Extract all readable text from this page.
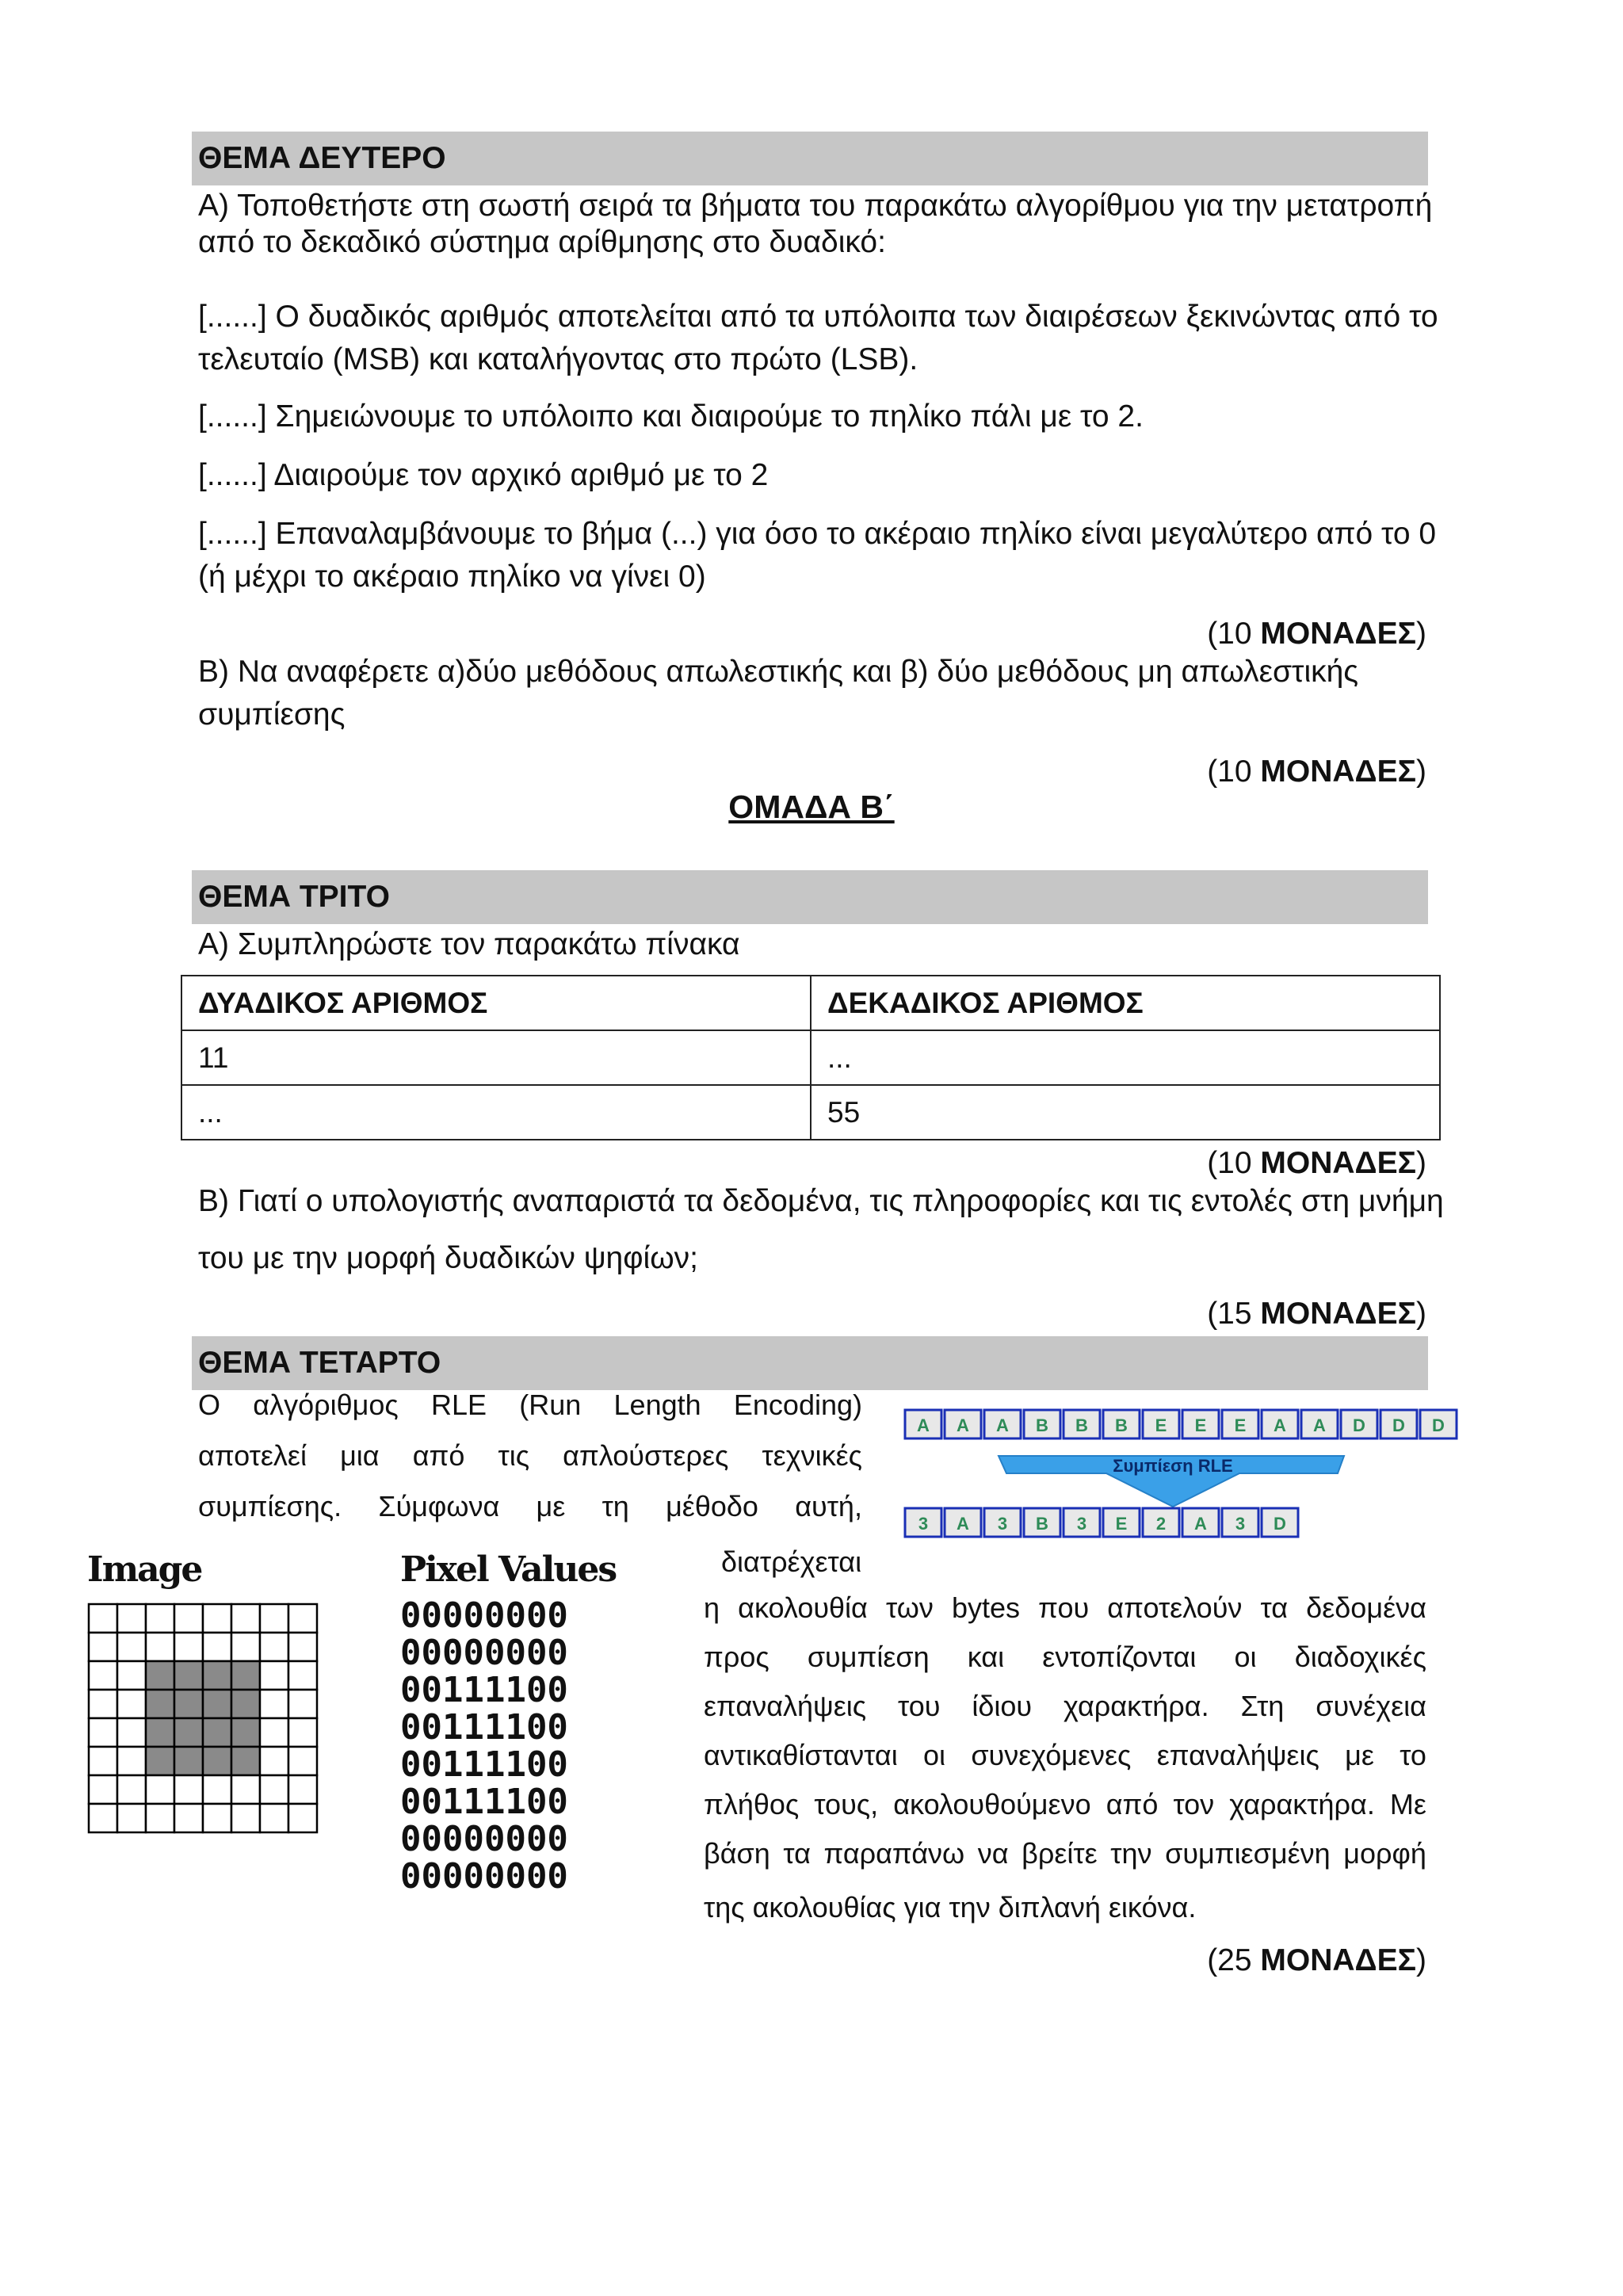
ΘΕΜΑ ΔΕΥΤΕΡΟ
Α) Τοποθετήστε στη σωστή σειρά τα βήματα του παρακάτω αλγορίθμου για την μετατροπή
από το δεκαδικό σύστημα αρίθμησης στο δυαδικό:
[......] Ο δυαδικός αριθμός αποτελείται από τα υπόλοιπα των διαιρέσεων ξεκινώντας από το
τελευταίο (MSB) και καταλήγοντας στο πρώτο (LSB).
[......] Σημειώνουμε το υπόλοιπο και διαιρούμε το πηλίκο πάλι με το 2.
[......] Διαιρούμε τον αρχικό αριθμό με το 2
[......] Επαναλαμβάνουμε το βήμα (...) για όσο το ακέραιο πηλίκο είναι μεγαλύτερο από το 0
(ή μέχρι το ακέραιο πηλίκο να γίνει 0)
(10 ΜΟΝΑΔΕΣ)
Β) Να αναφέρετε α)δύο μεθόδους απωλεστικής και β) δύο μεθόδους μη απωλεστικής
συμπίεσης
(10 ΜΟΝΑΔΕΣ)
ΟΜΑΔΑ Β΄
ΘΕΜΑ ΤΡΙΤΟ
Α) Συμπληρώστε τον παρακάτω πίνακα
ΔΥΑΔΙΚΟΣ ΑΡΙΘΜΟΣ	ΔΕΚΑΔΙΚΟΣ ΑΡΙΘΜΟΣ
11	...
...	55
(10 ΜΟΝΑΔΕΣ)
Β) Γιατί ο υπολογιστής αναπαριστά τα δεδομένα, τις πληροφορίες και τις εντολές στη μνήμη
του με την μορφή δυαδικών ψηφίων;
(15 ΜΟΝΑΔΕΣ)
ΘΕΜΑ ΤΕΤΑΡΤΟ
Ο αλγόριθμος RLE (Run Length Encoding)
αποτελεί μια από τις απλούστερες τεχνικές
συμπίεσης. Σύμφωνα με τη μέθοδο αυτή,
διατρέχεται
η ακολουθία των bytes που αποτελούν τα δεδομένα
προς συμπίεση και εντοπίζονται οι διαδοχικές
επαναλήψεις του ίδιου χαρακτήρα. Στη συνέχεια
αντικαθίστανται οι συνεχόμενες επαναλήψεις με το
πλήθος τους, ακολουθούμενο από τον χαρακτήρα. Με
βάση τα παραπάνω να βρείτε την συμπιεσμένη μορφή
της ακολουθίας για την διπλανή εικόνα.
(25 ΜΟΝΑΔΕΣ)
A A A B B B E E E A A D D D
Συμπίεση RLE
3 A 3 B 3 E 2 A 3 D
Image	Pixel Values
00000000
00000000
00111100
00111100
00111100
00111100
00000000
00000000
